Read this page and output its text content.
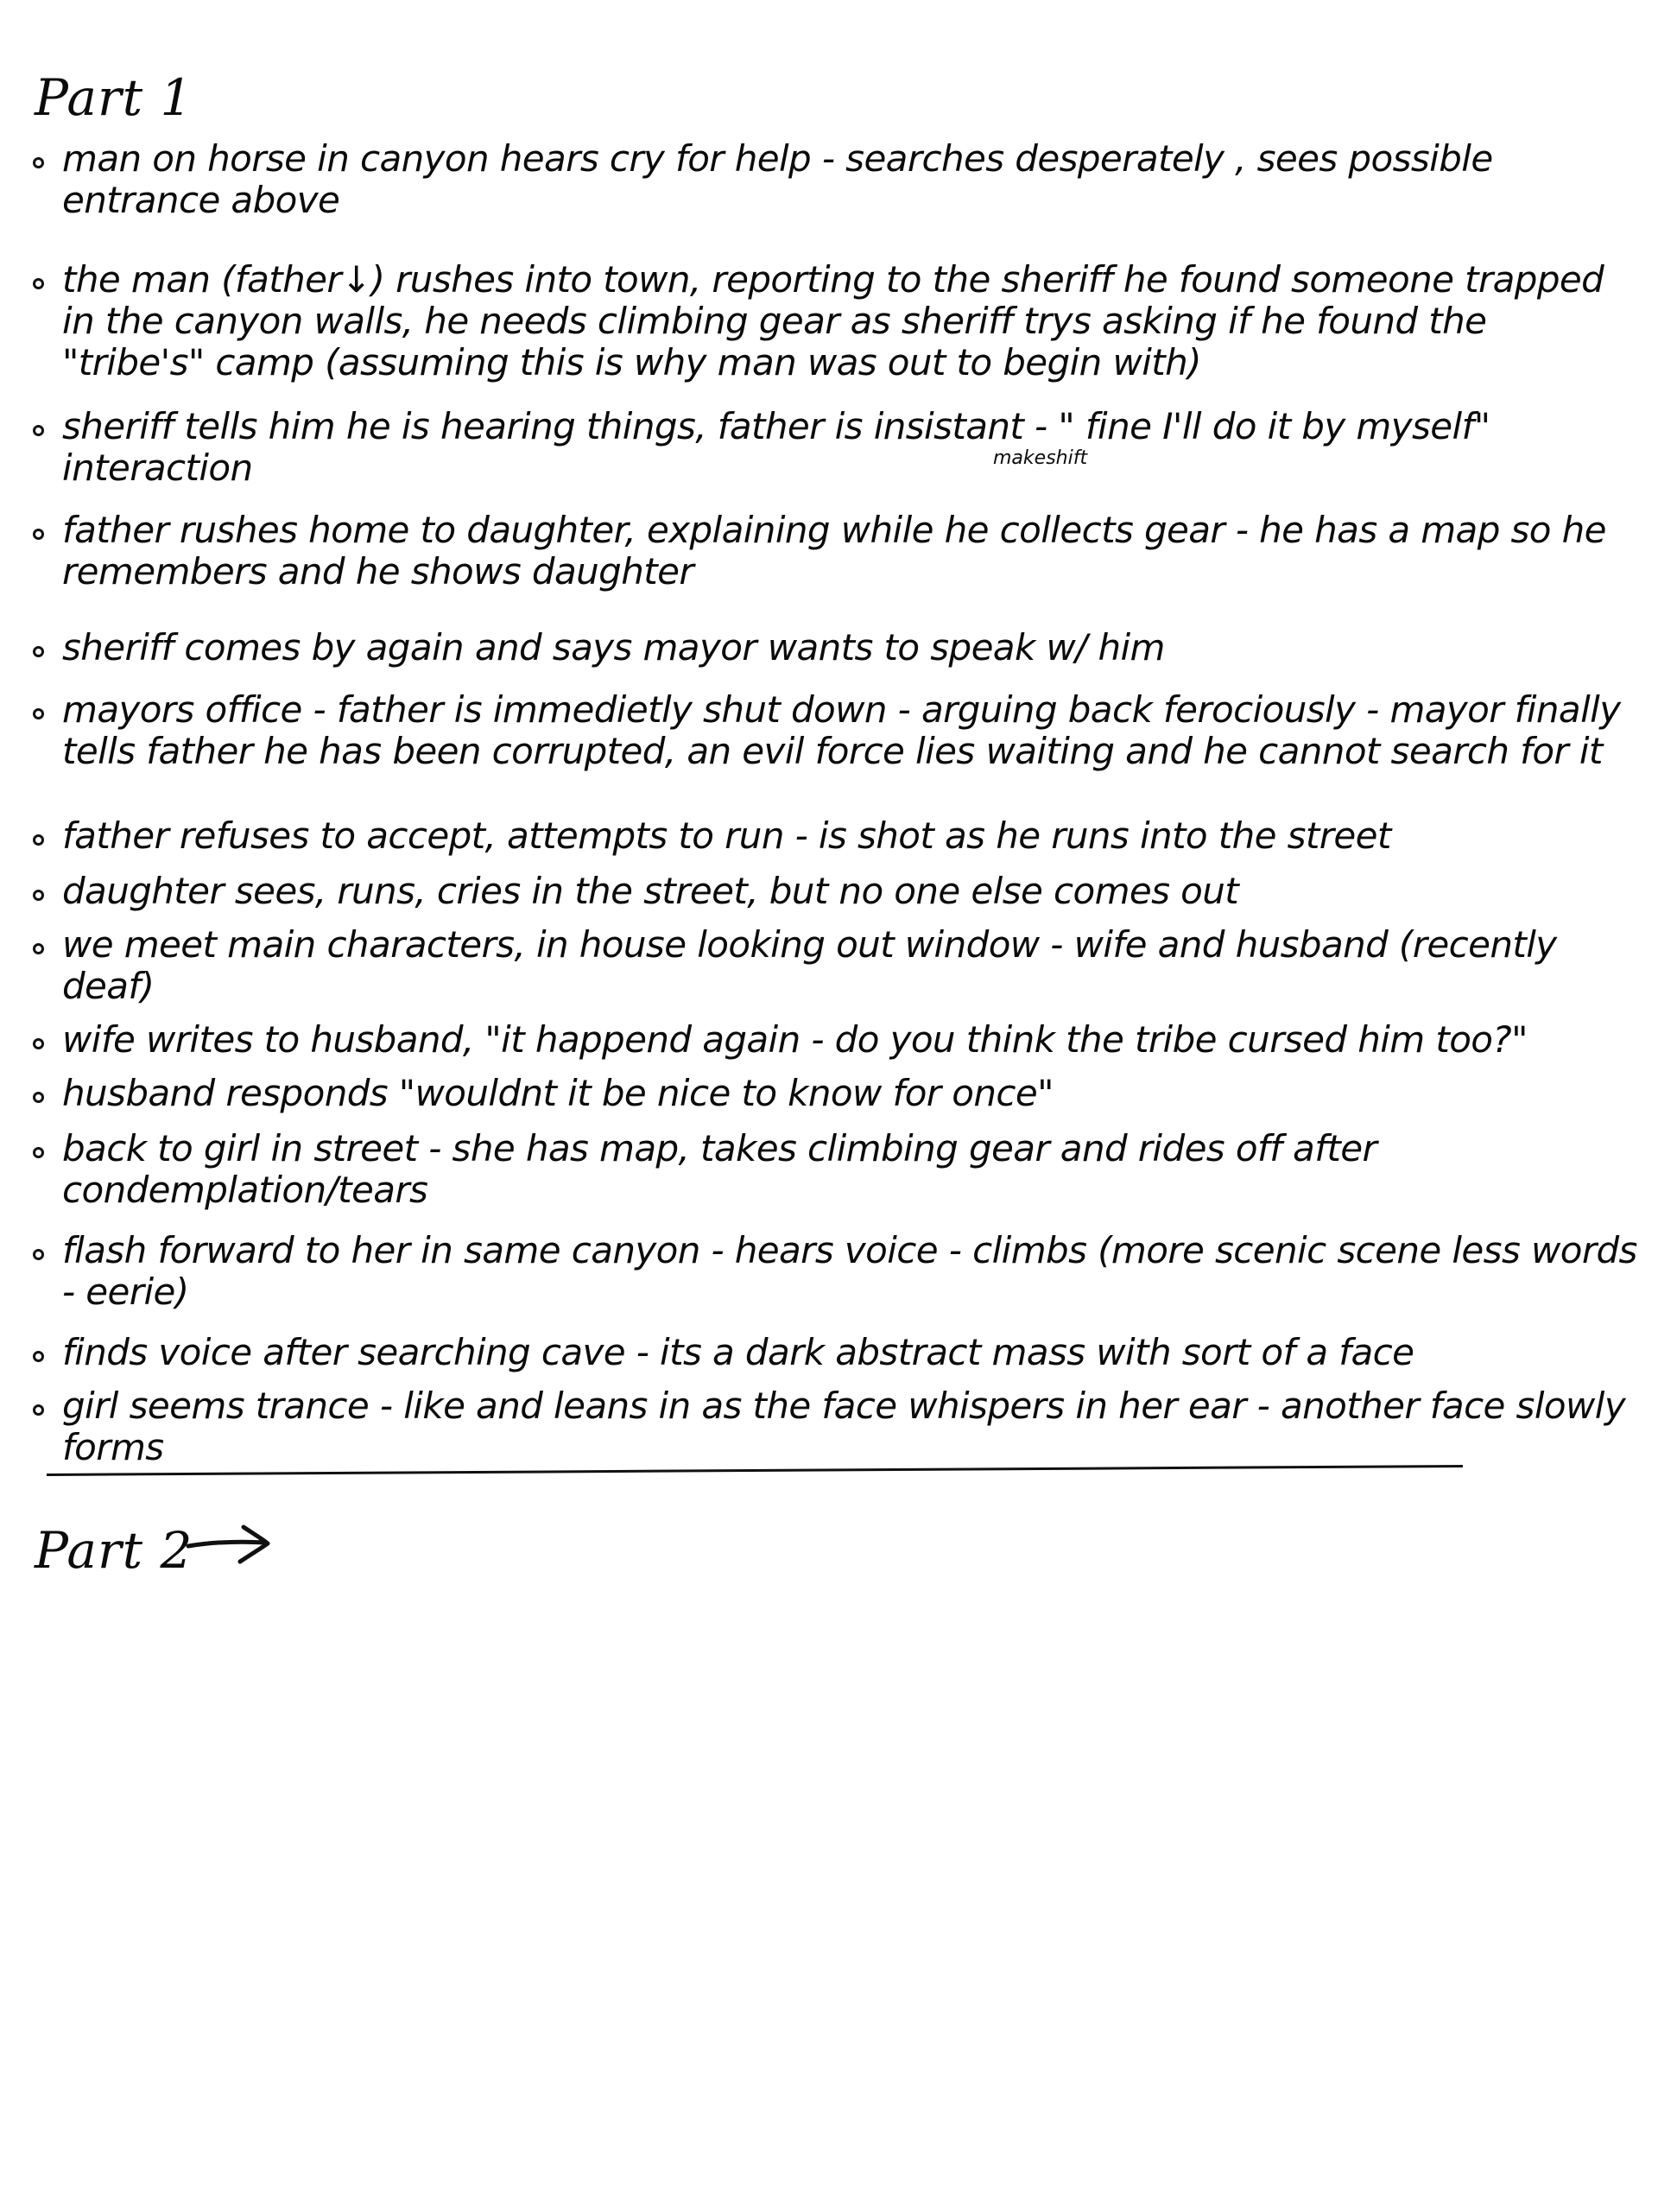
Part 1
man on horse in canyon hears cry for help - searches desperately , sees possible entrance above
the man (father↓) rushes into town, reporting to the sheriff he found someone trapped in the canyon walls, he needs climbing gear as sheriff trys asking if he found the "tribe's" camp (assuming this is why man was out to begin with)
sheriff tells him he is hearing things, father is insistant - " fine I'll do it by myself" interaction
father rushes home to daughter, explaining while he collects gear - he has a map so he remembers and he shows daughter
sheriff comes by again and says mayor wants to speak w/ him
mayors office - father is immedietly shut down - arguing back ferociously - mayor finally tells father he has been corrupted, an evil force lies waiting and he cannot search for it
father refuses to accept, attempts to run - is shot as he runs into the street
daughter sees, runs, cries in the street, but no one else comes out
we meet main characters, in house looking out window - wife and husband (recently deaf)
wife writes to husband, "it happend again - do you think the tribe cursed him too?"
husband responds "wouldnt it be nice to know for once"
back to girl in street - she has map, takes climbing gear and rides off after condemplation/tears
flash forward to her in same canyon - hears voice - climbs (more scenic scene less words - eerie)
finds voice after searching cave - its a dark abstract mass with sort of a face
girl seems trance - like and leans in as the face whispers in her ear - another face slowly forms
makeshift
Part 2
